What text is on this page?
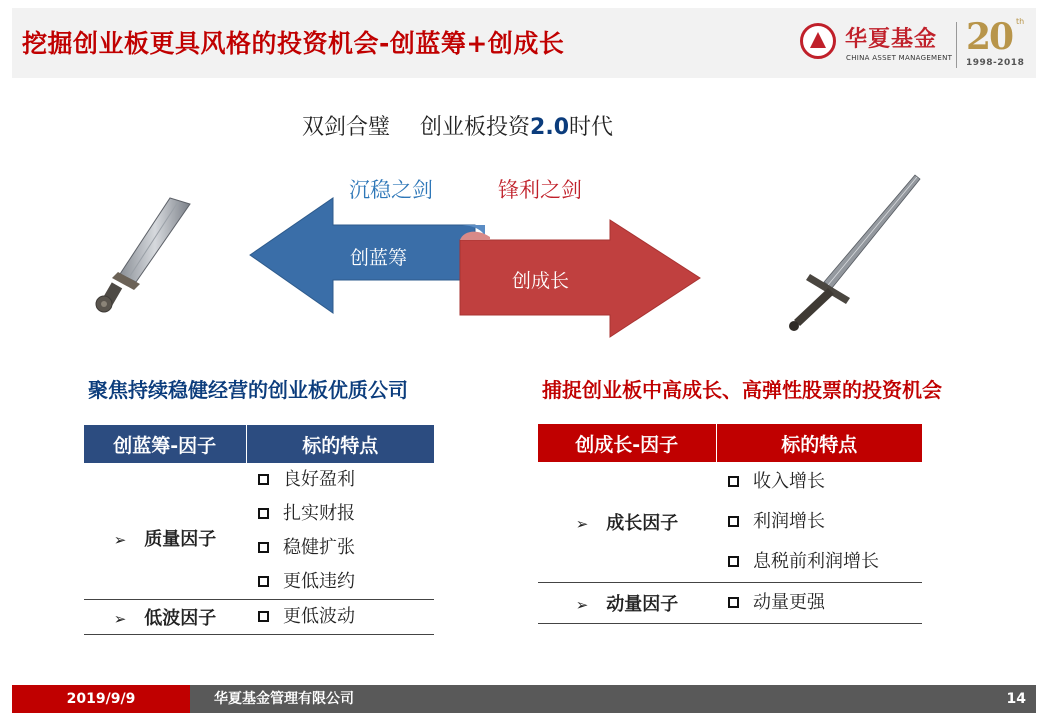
挖掘创业板更具风格的投资机会-创蓝筹+创成长	华夏基金
CHINA ASSET MANAGEMENT 20 th
1998-2018
双剑合璧 创业板投资2.0时代
沉稳之剑	锋利之剑
创蓝筹
创成长
聚焦持续稳健经营的创业板优质公司	捕捉创业板中高成长、高弹性股票的投资机会
创蓝筹-因子	标的特点
➢ 质量因子	良好盈利
扎实财报
稳健扩张
更低违约

➢ 低波因子	更低波动
创成长-因子	标的特点
➢ 成长因子	收入增长
利润增长
息税前利润增长

➢ 动量因子	动量更强
2019/9/9	华夏基金管理有限公司	14
